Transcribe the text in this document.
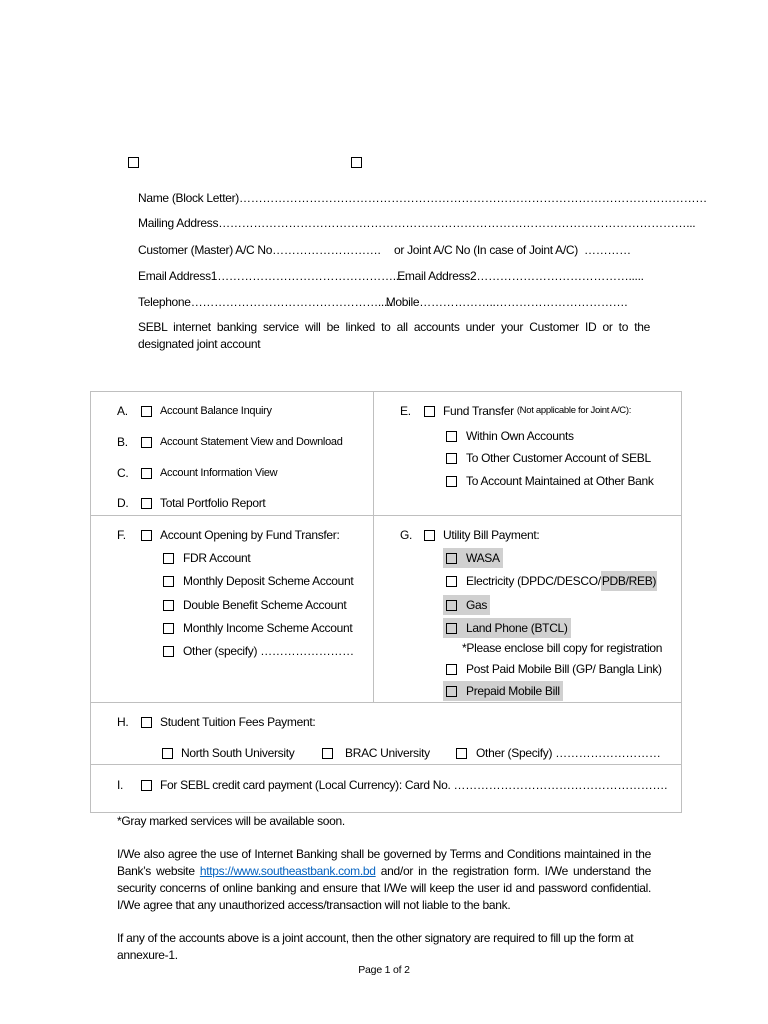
Name (Block Letter) …………………………………………………………………………………………………………
Mailing Address …………………………………………………………………………………………………………...
Customer (Master) A/C No ……………………….	or Joint A/C No (In case of Joint A/C) …………
Email Address1 ……………………………………….....
Email Address2 ………………………………….....
Telephone ………………………………………….....
Mobile ………………..…………………………….
SEBL internet banking service will be linked to all accounts under your Customer ID or to the designated joint account
A.	Account Balance Inquiry
B.	Account Statement View and Download
C.	Account Information View
D.	Total Portfolio Report
E.	Fund Transfer (Not applicable for Joint A/C):
Within Own Accounts
To Other Customer Account of SEBL
To Account Maintained at Other Bank
F.	Account Opening by Fund Transfer:
FDR Account
Monthly Deposit Scheme Account
Double Benefit Scheme Account
Monthly Income Scheme Account
Other (specify) ……………………
G.	Utility Bill Payment:
WASA
Electricity (DPDC/DESCO/PDB/REB)
Gas
Land Phone (BTCL)
*Please enclose bill copy for registration
Post Paid Mobile Bill (GP/ Bangla Link)
Prepaid Mobile Bill
H.	Student Tuition Fees Payment:
North South University	BRAC University	Other (Specify) ………………………
I.	For SEBL credit card payment (Local Currency): Card No. ……………………………………………….
*Gray marked services will be available soon.
I/We also agree the use of Internet Banking shall be governed by Terms and Conditions maintained in the Bank’s website https://www.southeastbank.com.bd and/or in the registration form. I/We understand the security concerns of online banking and ensure that I/We will keep the user id and password confidential. I/We agree that any unauthorized access/transaction will not liable to the bank.
If any of the accounts above is a joint account, then the other signatory are required to fill up the form at annexure-1.
Page 1 of 2
